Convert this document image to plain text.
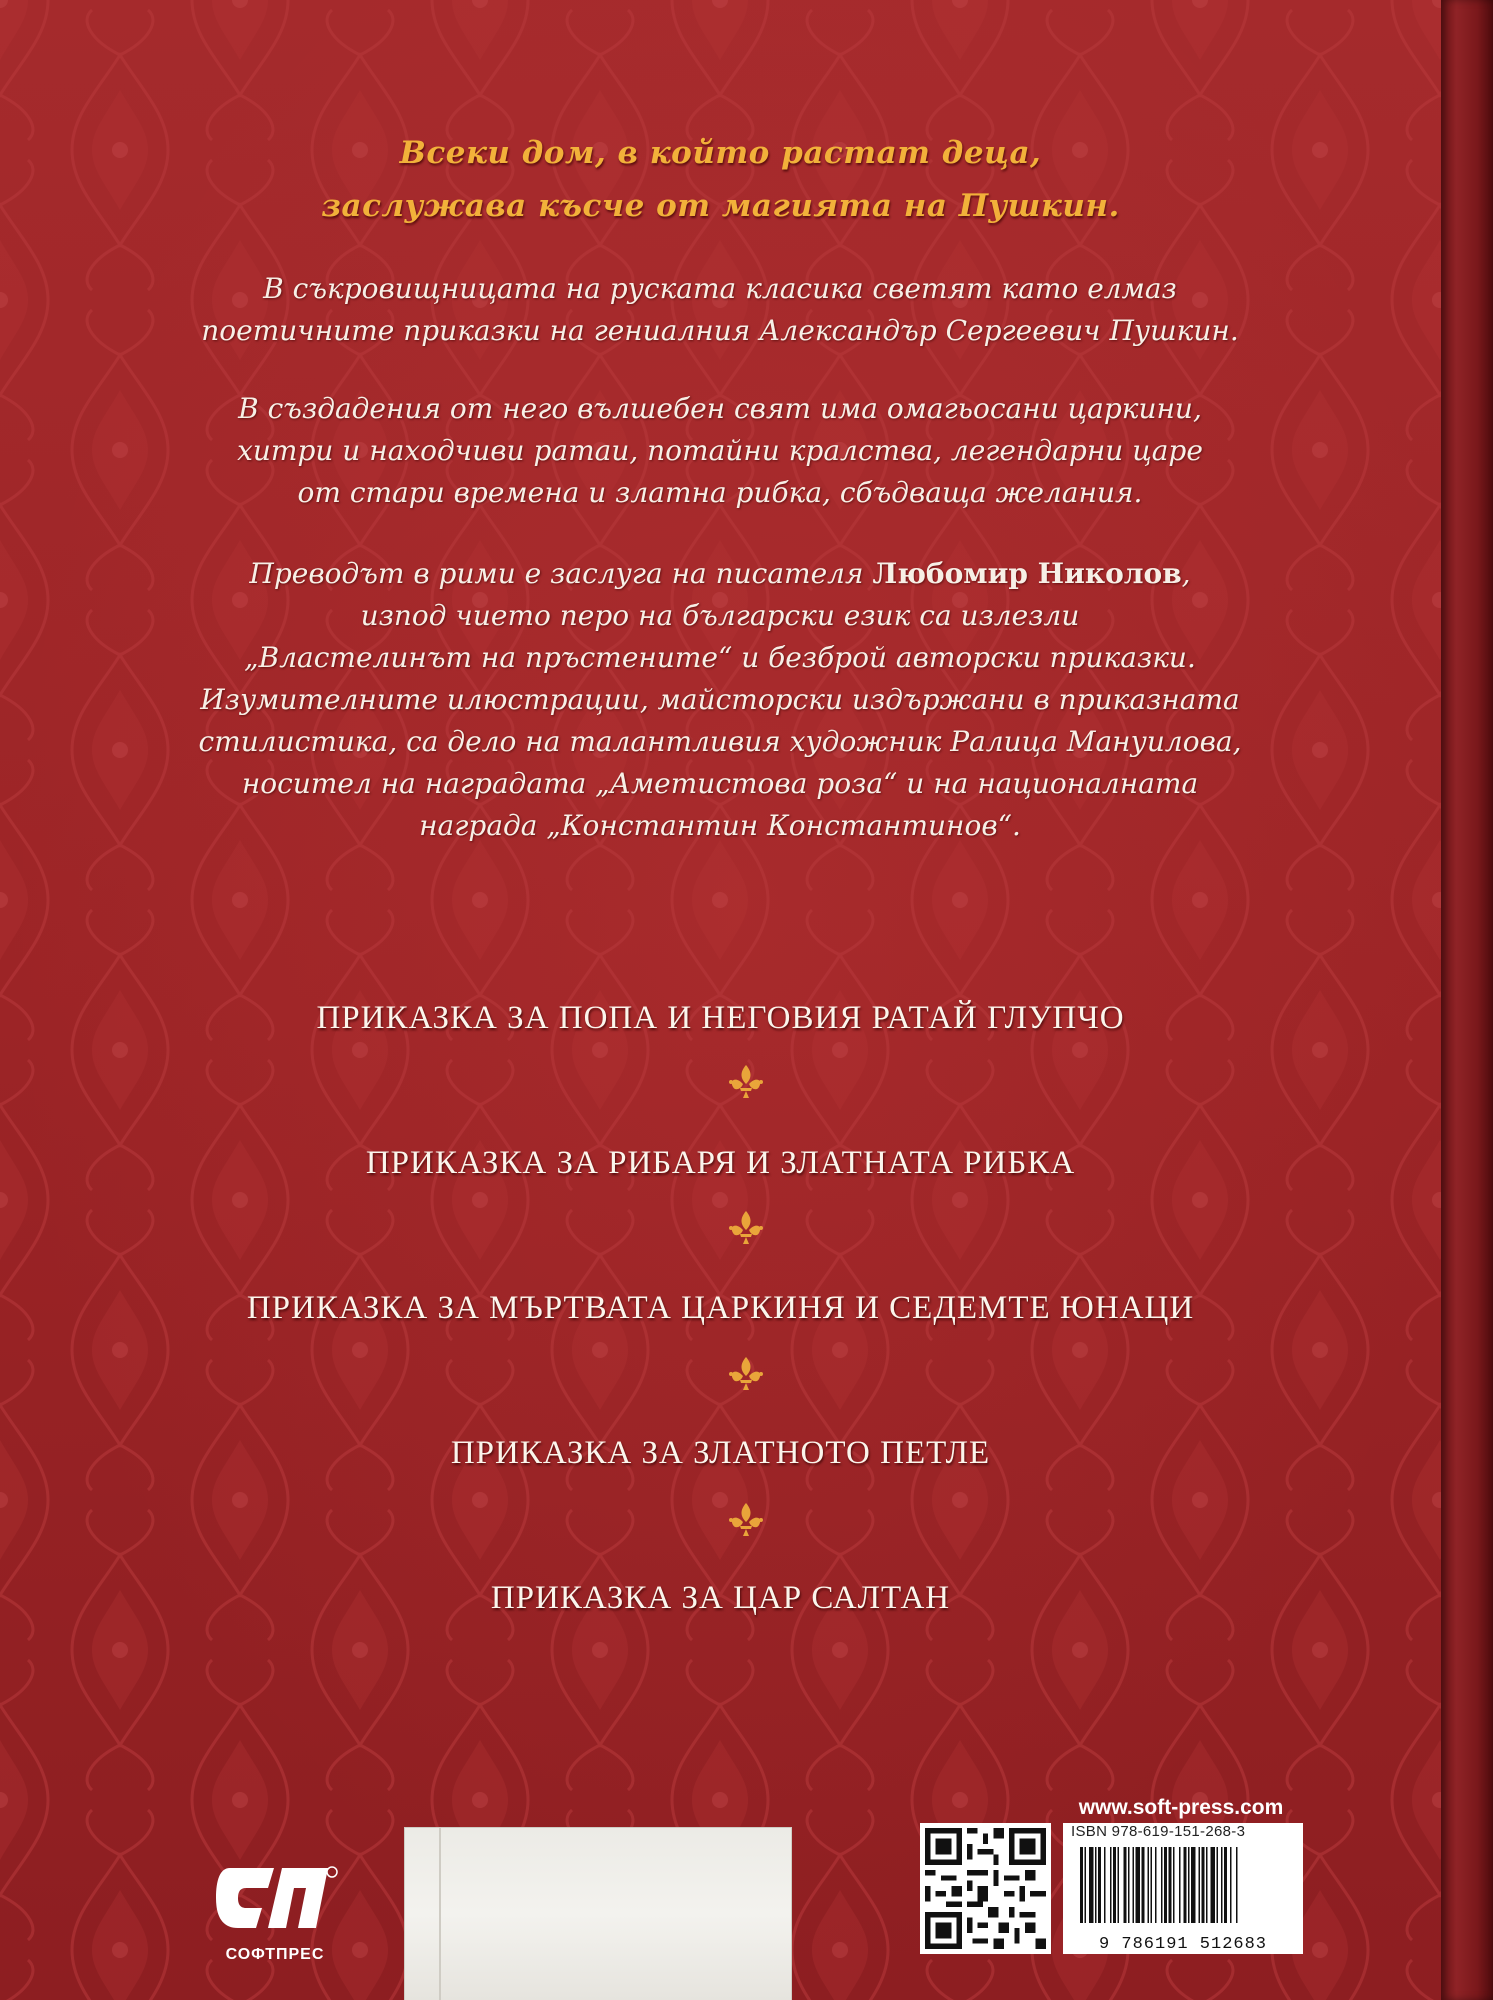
Всеки дом, в който растат деца,
заслужава късче от магията на Пушкин.
В съкровищницата на руската класика светят като елмаз
поетичните приказки на гениалния Александър Сергеевич Пушкин.
В създадения от него вълшебен свят има омагьосани царкини,
хитри и находчиви ратаи, потайни кралства, легендарни царе
от стари времена и златна рибка, сбъдваща желания.
Преводът в рими е заслуга на писателя Любомир Николов,
изпод чието перо на български език са излезли
„Властелинът на пръстените“ и безброй авторски приказки.
Изумителните илюстрации, майсторски издържани в приказната
стилистика, са дело на талантливия художник Ралица Мануилова,
носител на наградата „Аметистова роза“ и на националната
награда „Константин Константинов“.
ПРИКАЗКА ЗА ПОПА И НЕГОВИЯ РАТАЙ ГЛУПЧО
ПРИКАЗКА ЗА РИБАРЯ И ЗЛАТНАТА РИБКА
ПРИКАЗКА ЗА МЪРТВАТА ЦАРКИНЯ И СЕДЕМТЕ ЮНАЦИ
ПРИКАЗКА ЗА ЗЛАТНОТО ПЕТЛЕ
ПРИКАЗКА ЗА ЦАР САЛТАН
СОФТПРЕС
www.soft-press.com
ISBN 978-619-151-268-3
9 786191 512683
